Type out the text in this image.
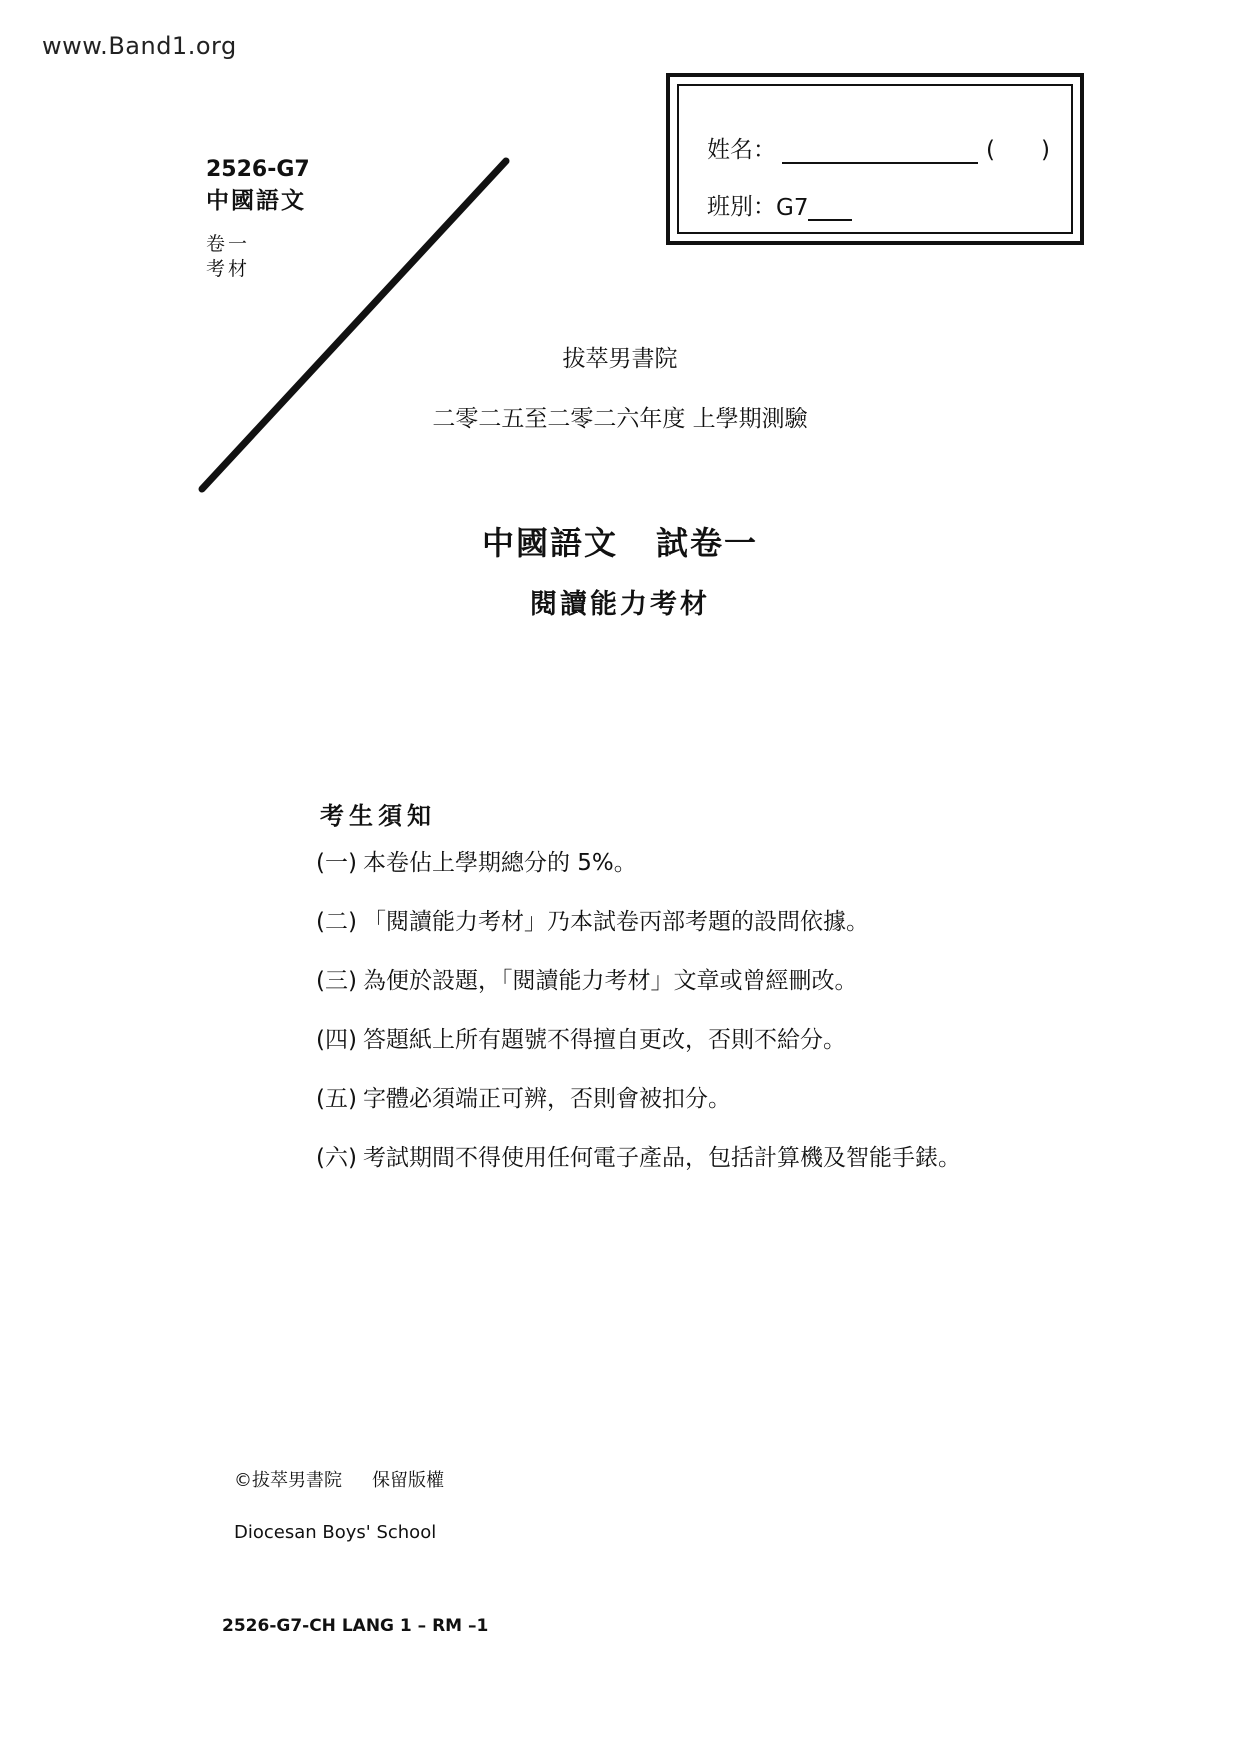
www.Band1.org
2526-G7
中國語文
卷一
考材
姓名：	(　　)
班別： G7
拔萃男書院
二零二五至二零二六年度 上學期測驗
中國語文 試卷一
閱讀能力考材
考生須知
(一) 本卷佔上學期總分的 5%。
(二) 「閱讀能力考材」乃本試卷丙部考題的設問依據。
(三) 為便於設題，「閱讀能力考材」文章或曾經刪改。
(四) 答題紙上所有題號不得擅自更改，否則不給分。
(五) 字體必須端正可辨，否則會被扣分。
(六) 考試期間不得使用任何電子產品，包括計算機及智能手錶。
©拔萃男書院 保留版權
Diocesan Boys' School
2526-G7-CH LANG 1 – RM –1
